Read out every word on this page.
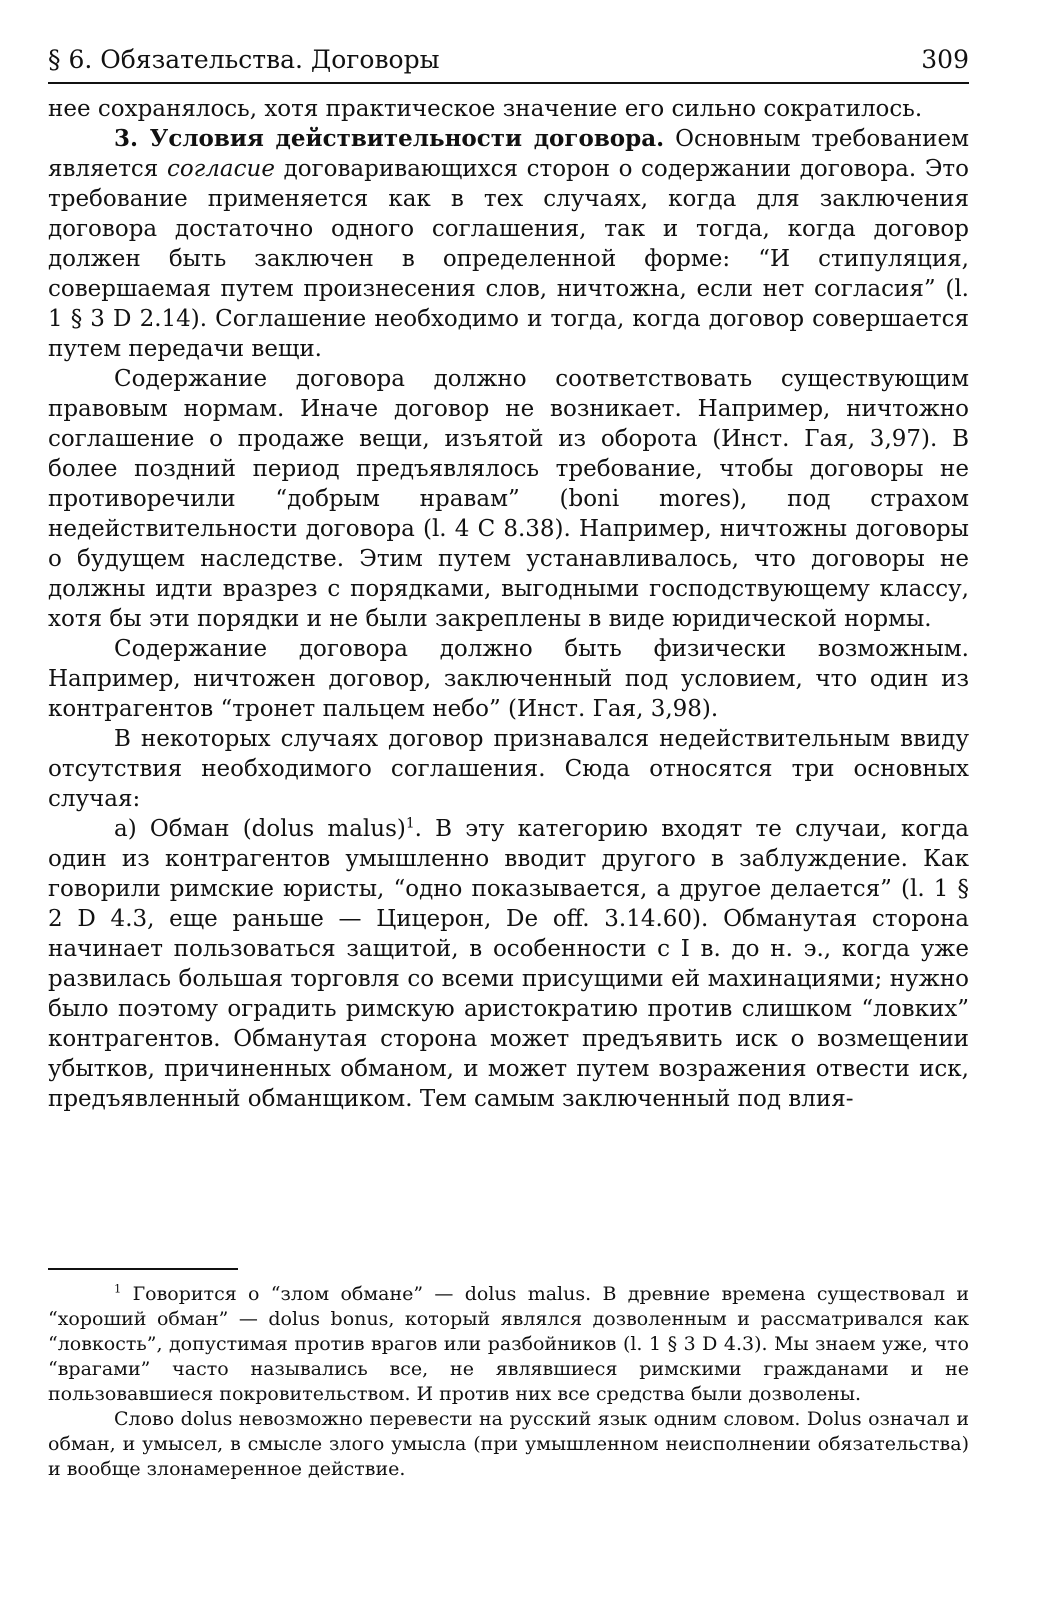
§ 6. Обязательства. Договоры	309

нее сохранялось, хотя практическое значение его сильно сократилось.

3. Условия действительности договора. Основным требованием является согласие договаривающихся сторон о содержании договора. Это требование применяется как в тех случаях, когда для заключения договора достаточно одного соглашения, так и тогда, когда договор должен быть заключен в определенной форме: “И стипуляция, совершаемая путем произнесения слов, ничтожна, если нет согласия” (l. 1 § 3 D 2.14). Соглашение необходимо и тогда, когда договор совершается путем передачи вещи.

Содержание договора должно соответствовать существующим правовым нормам. Иначе договор не возникает. Например, ничтожно соглашение о продаже вещи, изъятой из оборота (Инст. Гая, 3,97). В более поздний период предъявлялось требование, чтобы договоры не противоречили “добрым нравам” (boni mores), под страхом недействительности договора (l. 4 C 8.38). Например, ничтожны договоры о будущем наследстве. Этим путем устанавливалось, что договоры не должны идти вразрез с порядками, выгодными господствующему классу, хотя бы эти порядки и не были закреплены в виде юридической нормы.

Содержание договора должно быть физически возможным. Например, ничтожен договор, заключенный под условием, что один из контрагентов “тронет пальцем небо” (Инст. Гая, 3,98).

В некоторых случаях договор признавался недействительным ввиду отсутствия необходимого соглашения. Сюда относятся три основных случая:

а) Обман (dolus malus)$^1$. В эту категорию входят те случаи, когда один из контрагентов умышленно вводит другого в заблуждение. Как говорили римские юристы, “одно показывается, а другое делается” (l. 1 § 2 D 4.3, еще раньше — Цицерон, De off. 3.14.60). Обманутая сторона начинает пользоваться защитой, в особенности с I в. до н. э., когда уже развилась большая торговля со всеми присущими ей махинациями; нужно было поэтому оградить римскую аристократию против слишком “ловких” контрагентов. Обманутая сторона может предъявить иск о возмещении убытков, причиненных обманом, и может путем возражения отвести иск, предъявленный обманщиком. Тем самым заключенный под влия-

$^1$ Говорится о “злом обмане” — dolus malus. В древние времена существовал и “хороший обман” — dolus bonus, который являлся дозволенным и рассматривался как “ловкость”, допустимая против врагов или разбойников (l. 1 § 3 D 4.3). Мы знаем уже, что “врагами” часто назывались все, не являвшиеся римскими гражданами и не пользовавшиеся покровительством. И против них все средства были дозволены.

Слово dolus невозможно перевести на русский язык одним словом. Dolus означал и обман, и умысел, в смысле злого умысла (при умышленном неисполнении обязательства) и вообще злонамеренное действие.
